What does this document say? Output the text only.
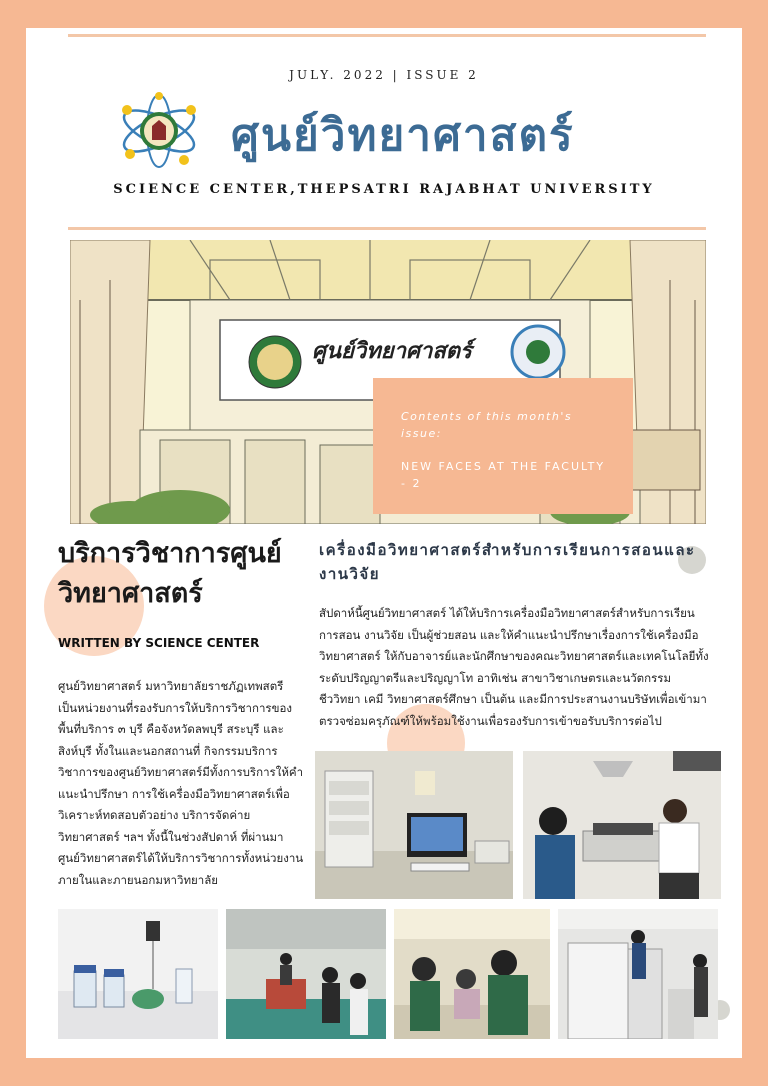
JULY. 2022 | ISSUE 2
ศูนย์วิทยาศาสตร์
SCIENCE CENTER,THEPSATRI RAJABHAT UNIVERSITY
ศูนย์วิทยาศาสตร์
Contents of this month's issue:
NEW FACES AT THE FACULTY - 2
บริการวิชาการศูนย์วิทยาศาสตร์
WRITTEN BY SCIENCE CENTER
ศูนย์วิทยาศาสตร์ มหาวิทยาลัยราชภัฏเทพสตรี เป็นหน่วยงานที่รองรับการให้บริการวิชาการของพื้นที่บริการ ๓ บุรี คือจังหวัดลพบุรี สระบุรี และสิงห์บุรี ทั้งในและนอกสถานที่ กิจกรรมบริการวิชาการของศูนย์วิทยาศาสตร์มีทั้งการบริการให้คำแนะนำปรึกษา การใช้เครื่องมือวิทยาศาสตร์เพื่อวิเคราะห์ทดสอบตัวอย่าง บริการจัดค่ายวิทยาศาสตร์ ฯลฯ ทั้งนี้ในช่วงสัปดาห์ ที่ผ่านมา ศูนย์วิทยาศาสตร์ได้ให้บริการวิชาการทั้งหน่วยงานภายในและภายนอกมหาวิทยาลัย
เครื่องมือวิทยาศาสตร์สำหรับการเรียนการสอนและงานวิจัย
สัปดาห์นี้ศูนย์วิทยาศาสตร์ ได้ให้บริการเครื่องมือวิทยาศาสตร์สำหรับการเรียนการสอน งานวิจัย เป็นผู้ช่วยสอน และให้คำแนะนำปรึกษาเรื่องการใช้เครื่องมือวิทยาศาสตร์ ให้กับอาจารย์และนักศึกษาของคณะวิทยาศาสตร์และเทคโนโลยีทั้งระดับปริญญาตรีและปริญญาโท อาทิเช่น สาขาวิชาเกษตรและนวัตกรรม ชีววิทยา เคมี วิทยาศาสตร์ศึกษา เป็นต้น และมีการประสานงานบริษัทเพื่อเข้ามาตรวจซ่อมครุภัณฑ์ให้พร้อมใช้งานเพื่อรองรับการเข้าขอรับบริการต่อไป
